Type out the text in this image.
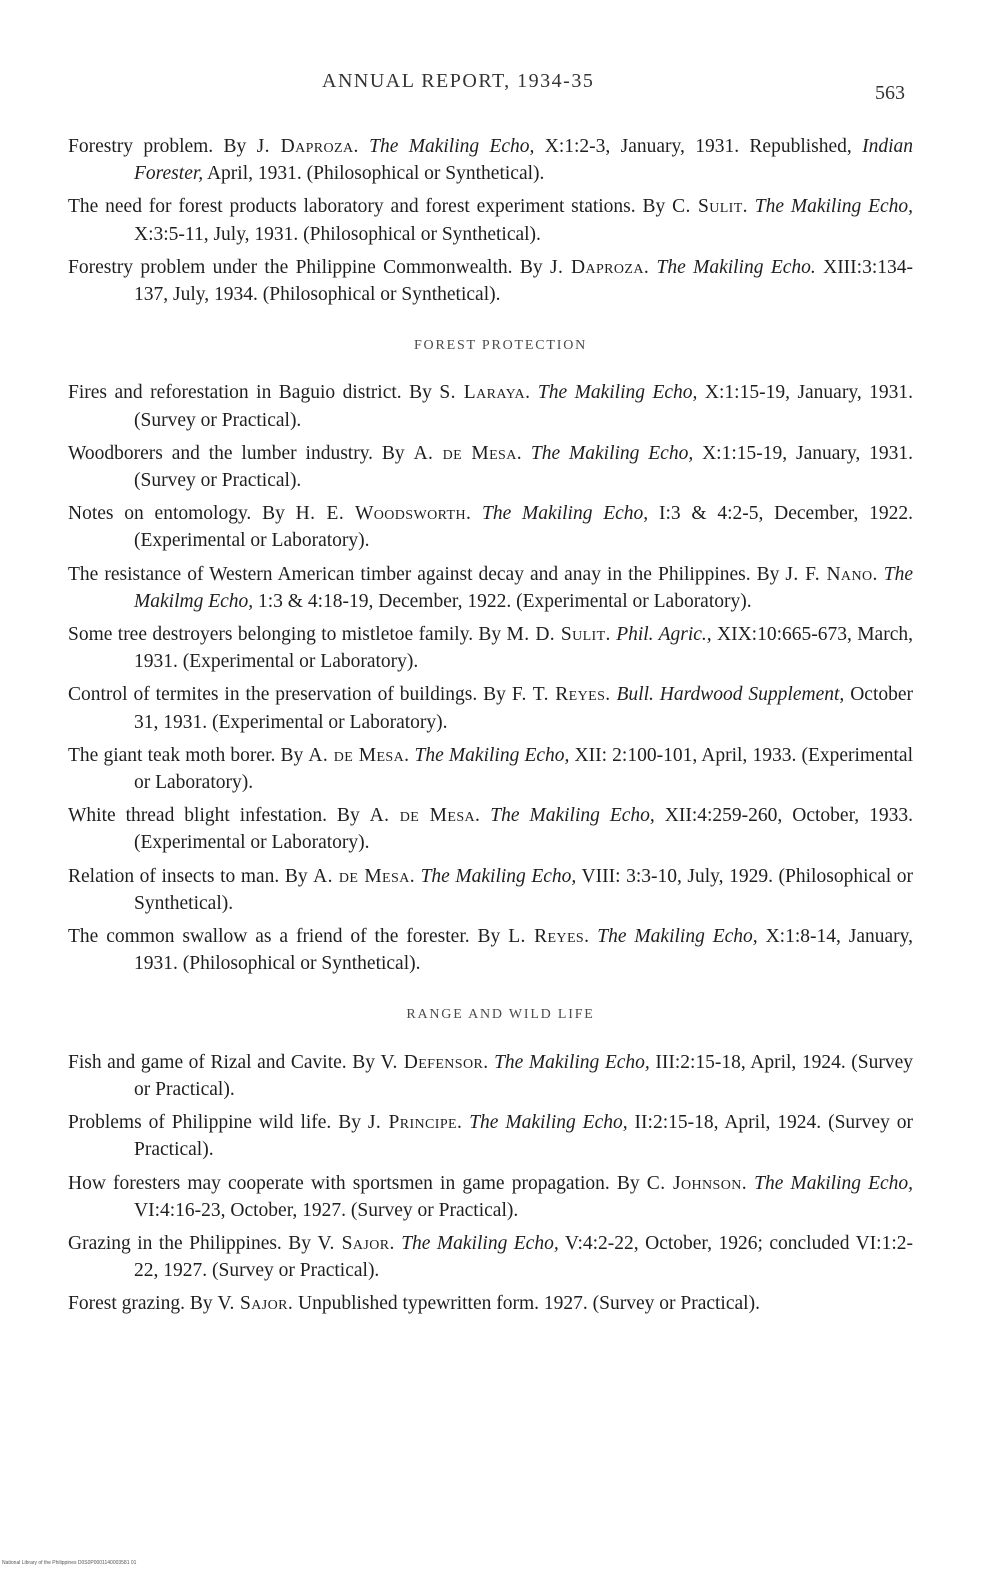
ANNUAL REPORT, 1934-35
563

Forestry problem. By J. Daproza. The Makiling Echo, X:1:2-3, January, 1931. Republished, Indian Forester, April, 1931. (Philosophical or Synthetical).

The need for forest products laboratory and forest experiment stations. By C. Sulit. The Makiling Echo, X:3:5-11, July, 1931. (Philosophical or Synthetical).

Forestry problem under the Philippine Commonwealth. By J. Daproza. The Makiling Echo. XIII:3:134-137, July, 1934. (Philosophical or Synthetical).

FOREST PROTECTION

Fires and reforestation in Baguio district. By S. Laraya. The Makiling Echo, X:1:15-19, January, 1931. (Survey or Practical).

Woodborers and the lumber industry. By A. de Mesa. The Makiling Echo, X:1:15-19, January, 1931. (Survey or Practical).

Notes on entomology. By H. E. Woodsworth. The Makiling Echo, I:3 & 4:2-5, December, 1922. (Experimental or Laboratory).

The resistance of Western American timber against decay and anay in the Philippines. By J. F. Nano. The Makilmg Echo, 1:3 & 4:18-19, December, 1922. (Experimental or Laboratory).

Some tree destroyers belonging to mistletoe family. By M. D. Sulit. Phil. Agric., XIX:10:665-673, March, 1931. (Experimental or Laboratory).

Control of termites in the preservation of buildings. By F. T. Reyes. Bull. Hardwood Supplement, October 31, 1931. (Experimental or Laboratory).

The giant teak moth borer. By A. de Mesa. The Makiling Echo, XII: 2:100-101, April, 1933. (Experimental or Laboratory).

White thread blight infestation. By A. de Mesa. The Makiling Echo, XII:4:259-260, October, 1933. (Experimental or Laboratory).

Relation of insects to man. By A. de Mesa. The Makiling Echo, VIII: 3:3-10, July, 1929. (Philosophical or Synthetical).

The common swallow as a friend of the forester. By L. Reyes. The Makiling Echo, X:1:8-14, January, 1931. (Philosophical or Synthetical).

RANGE AND WILD LIFE

Fish and game of Rizal and Cavite. By V. Defensor. The Makiling Echo, III:2:15-18, April, 1924. (Survey or Practical).

Problems of Philippine wild life. By J. Principe. The Makiling Echo, II:2:15-18, April, 1924. (Survey or Practical).

How foresters may cooperate with sportsmen in game propagation. By C. Johnson. The Makiling Echo, VI:4:16-23, October, 1927. (Survey or Practical).

Grazing in the Philippines. By V. Sajor. The Makiling Echo, V:4:2-22, October, 1926; concluded VI:1:2-22, 1927. (Survey or Practical).

Forest grazing. By V. Sajor. Unpublished typewritten form. 1927. (Survey or Practical).

National Library of the Philippines D0S0P0001140003581 01
